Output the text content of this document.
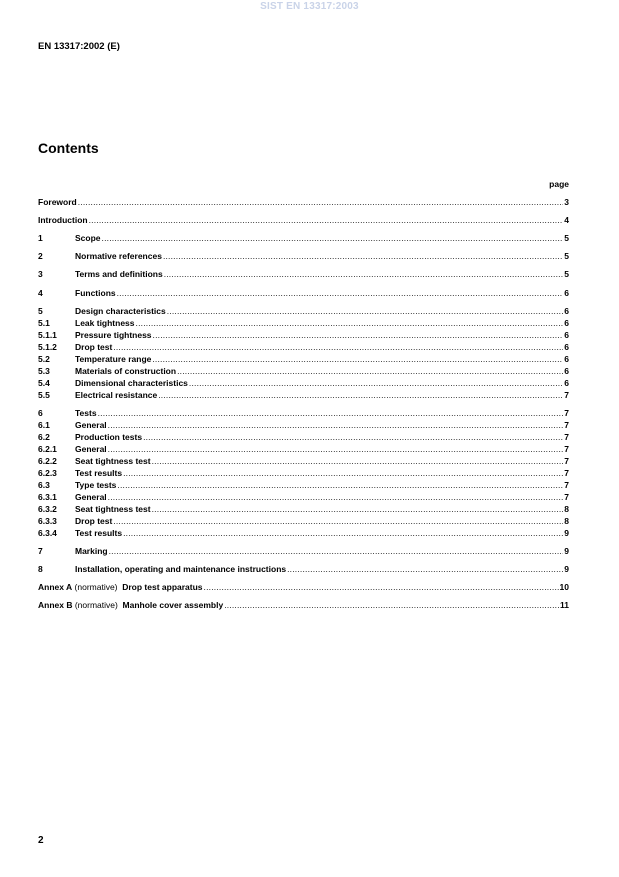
SIST EN 13317:2003
EN 13317:2002 (E)
Contents
page
Foreword .....	3
Introduction .....	4
1	Scope .....	5
2	Normative references .....	5
3	Terms and definitions .....	5
4	Functions .....	6
5	Design characteristics .....	6
5.1	Leak tightness .....	6
5.1.1	Pressure tightness .....	6
5.1.2	Drop test .....	6
5.2	Temperature range .....	6
5.3	Materials of construction .....	6
5.4	Dimensional characteristics .....	6
5.5	Electrical resistance .....	7
6	Tests .....	7
6.1	General .....	7
6.2	Production tests .....	7
6.2.1	General .....	7
6.2.2	Seat tightness test .....	7
6.2.3	Test results .....	7
6.3	Type tests .....	7
6.3.1	General .....	7
6.3.2	Seat tightness test .....	8
6.3.3	Drop test .....	8
6.3.4	Test results .....	9
7	Marking .....	9
8	Installation, operating and maintenance instructions .....	9
Annex A (normative)  Drop test apparatus .....	10
Annex B (normative)  Manhole cover assembly .....	11
2
